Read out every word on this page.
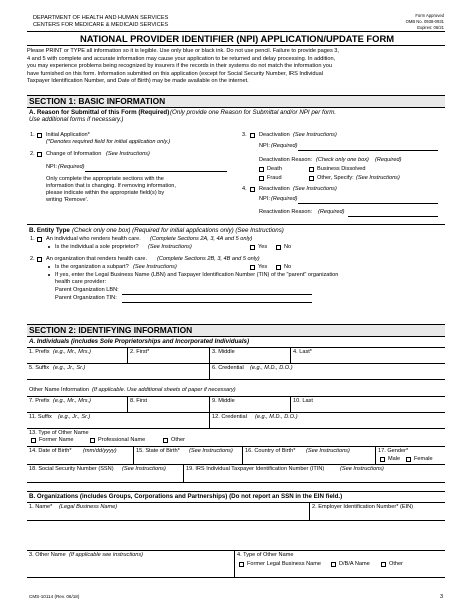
DEPARTMENT OF HEALTH AND HUMAN SERVICES
CENTERS FOR MEDICARE & MEDICAID SERVICES
Form Approved
OMB No. 0938-0931
Expires: 06/21
NATIONAL PROVIDER IDENTIFIER (NPI) APPLICATION/UPDATE FORM
Please PRINT or TYPE all information so it is legible. Use only blue or black ink. Do not use pencil. Failure to provide pages 3,
4 and 5 with complete and accurate information may cause your application to be returned and delay processing. In addition,
you may experience problems being recognized by insurers if the records in their systems do not match the information you
have furnished on this form. Information submitted on this application (except for Social Security Number, IRS Individual
Taxpayer Identification Number, and Date of Birth) may be made available on the internet.
SECTION 1: BASIC INFORMATION
A. Reason for Submittal of this Form (Required) (Only provide one Reason for Submittal and/or NPI per form.
Use additional forms if necessary.)
1. Initial Application*
(*Denotes required field for initial application only.)
2. Change of Information (See Instructions)
NPI: (Required)
Only complete the appropriate sections with the
information that is changing. If removing information,
please indicate within the appropriate field(s) by
writing 'Remove'.
3. Deactivation (See Instructions)
NPI: (Required)
Deactivation Reason: (Check only one box) (Required)
Death	Business Dissolved
Fraud	Other, Specify: (See Instructions)
4. Reactivation (See Instructions)
NPI: (Required)
Reactivation Reason: (Required)
B. Entity Type (Check only one box) (Required for initial applications only) (See Instructions)
1. An individual who renders health care. (Complete Sections 2A, 3, 4A and 5 only)
Is the individual a sole proprietor? (See Instructions)	Yes	No
2. An organization that renders health care. (Complete Sections 2B, 3, 4B and 5 only)
Is the organization a subpart? (See Instructions)	Yes	No
If yes, enter the Legal Business Name (LBN) and Taxpayer Identification Number (TIN) of the "parent" organization
health care provider:
Parent Organization LBN:
Parent Organization TIN:
SECTION 2: IDENTIFYING INFORMATION
A. Individuals (includes Sole Proprietorships and Incorporated Individuals)
1. Prefix (e.g., Mr., Mrs.)	2. First*	3. Middle	4. Last*
5. Suffix (e.g., Jr., Sr.)	6. Credential (e.g., M.D., D.O.)
Other Name Information (If applicable. Use additional sheets of paper if necessary)
7. Prefix (e.g., Mr., Mrs.)	8. First	9. Middle	10. Last
11. Suffix (e.g., Jr., Sr.)	12. Credential (e.g., M.D., D.O.)
13. Type of Other Name
Former Name	Professional Name	Other
14. Date of Birth* (mm/dd/yyyy)	15. State of Birth* (See Instructions) 16. Country of Birth* (See Instructions)	17. Gender*
Male Female
18. Social Security Number (SSN) (See Instructions)	19. IRS Individual Taxpayer Identification Number (ITIN)	(See Instructions)
B. Organizations (includes Groups, Corporations and Partnerships) (Do not report an SSN in the EIN field.)
1. Name* (Legal Business Name)	2. Employer Identification Number* (EIN)
3. Other Name (If applicable see instructions)	4. Type of Other Name
Former Legal Business Name	D/B/A Name	Other
CMS-10114 (Rev. 06/18)	3
